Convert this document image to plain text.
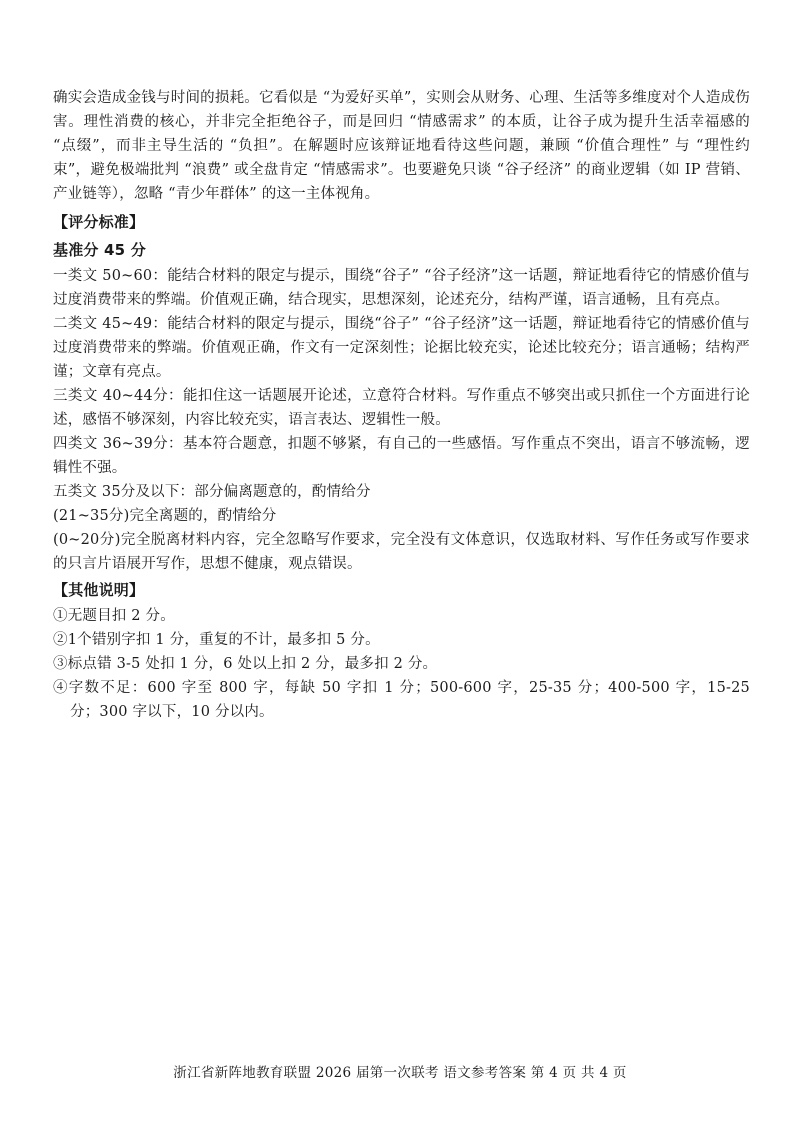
确实会造成金钱与时间的损耗。它看似是 “为爱好买单”，实则会从财务、心理、生活等多维度对个人造成伤害。理性消费的核心，并非完全拒绝谷子，而是回归 “情感需求” 的本质，让谷子成为提升生活幸福感的 “点缀”，而非主导生活的 “负担”。在解题时应该辩证地看待这些问题，兼顾 “价值合理性” 与 “理性约束”，避免极端批判 “浪费” 或全盘肯定 “情感需求”。也要避免只谈 “谷子经济” 的商业逻辑（如 IP 营销、产业链等），忽略 “青少年群体” 的这一主体视角。

【评分标准】

基准分 45 分

一类文 50~60：能结合材料的限定与提示，围绕“谷子” “谷子经济”这一话题，辩证地看待它的情感价值与过度消费带来的弊端。价值观正确，结合现实，思想深刻，论述充分，结构严谨，语言通畅，且有亮点。

二类文 45~49：能结合材料的限定与提示，围绕“谷子” “谷子经济”这一话题，辩证地看待它的情感价值与过度消费带来的弊端。价值观正确，作文有一定深刻性；论据比较充实，论述比较充分；语言通畅；结构严谨；文章有亮点。

三类文 40~44分：能扣住这一话题展开论述，立意符合材料。写作重点不够突出或只抓住一个方面进行论述，感悟不够深刻，内容比较充实，语言表达、逻辑性一般。

四类文 36~39分：基本符合题意，扣题不够紧，有自己的一些感悟。写作重点不突出，语言不够流畅，逻辑性不强。

五类文 35分及以下：部分偏离题意的，酌情给分

(21~35分)完全离题的，酌情给分

(0~20分)完全脱离材料内容，完全忽略写作要求，完全没有文体意识，仅选取材料、写作任务或写作要求的只言片语展开写作，思想不健康，观点错误。

【其他说明】

①无题目扣 2 分。

②1个错别字扣 1 分，重复的不计，最多扣 5 分。

③标点错 3-5 处扣 1 分，6 处以上扣 2 分，最多扣 2 分。

④字数不足：600 字至 800 字，每缺 50 字扣 1 分；500-600 字，25-35 分；400-500 字，15-25 分；300 字以下，10 分以内。

浙江省新阵地教育联盟 2026 届第一次联考 语文参考答案 第 4 页 共 4 页
